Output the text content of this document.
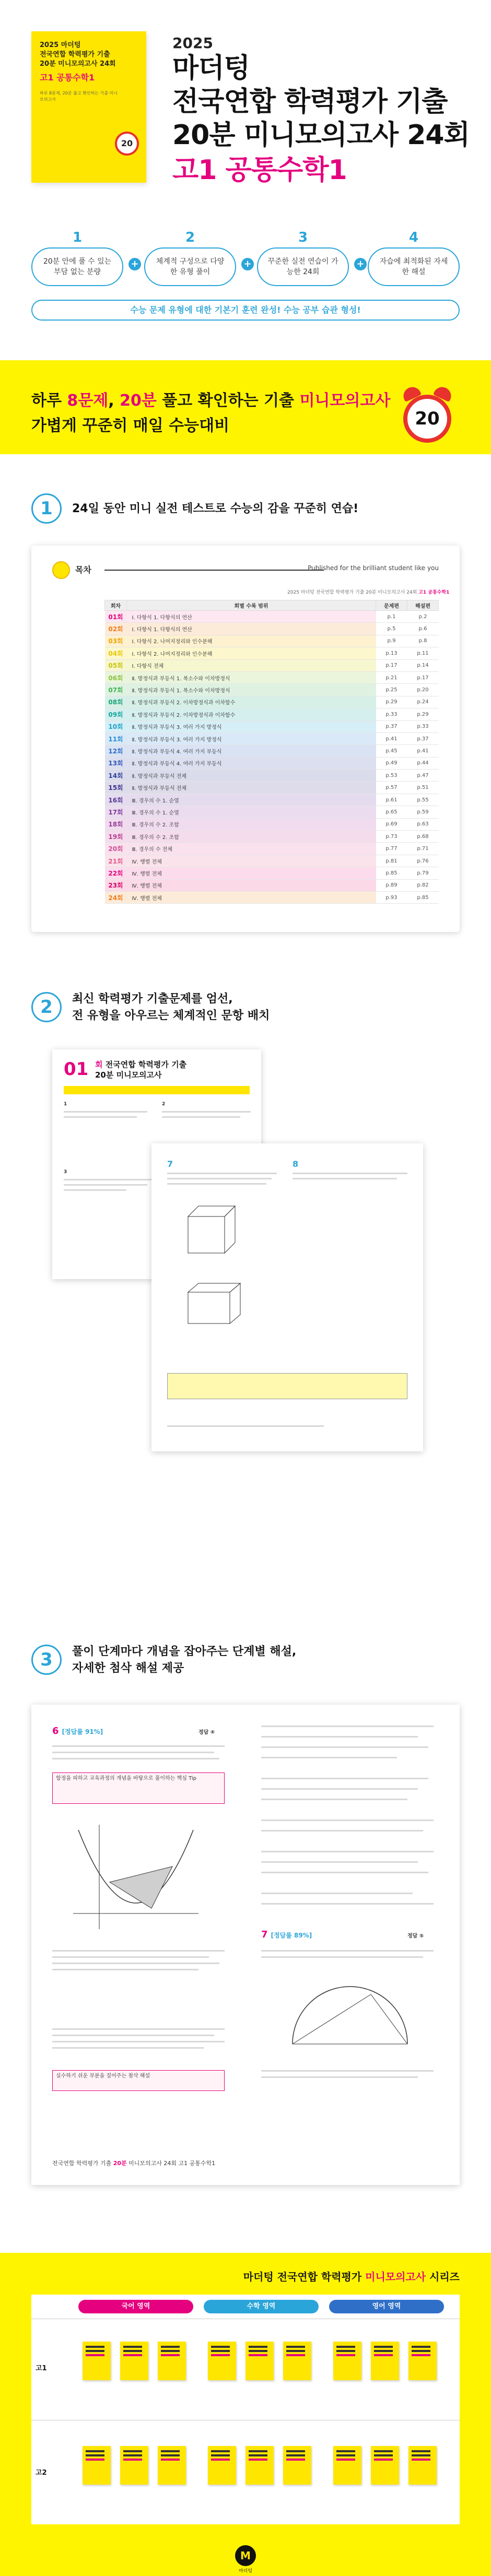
2025 마더텅
전국연합 학력평가 기출
20분 미니모의고사 24회
고1 공통수학1
하루 8문제, 20분 풀고 확인하는 기출 미니모의고사
20
2025
마더텅
전국연합 학력평가 기출
20분 미니모의고사 24회
고1 공통수학1
1
20분 안에 풀 수 있는 부담 없는 분량
+
2
체계적 구성으로 다양한 유형 풀이
+
3
꾸준한 실전 연습이 가능한 24회
+
4
자습에 최적화된 자세한 해설
수능 문제 유형에 대한 기본기 훈련 완성! 수능 공부 습관 형성!
하루 8문제, 20분 풀고 확인하는 기출 미니모의고사
가볍게 꾸준히 매일 수능대비	20
1	24일 동안 미니 실전 테스트로 수능의 감을 꾸준히 연습!
목차	Published for the brilliant student like you
2025 마더텅 전국연합 학력평가 기출 20분 미니모의고사 24회 고1 공통수학1
회차	회별 수록 범위	문제편	해설편
01회	Ⅰ. 다항식 1. 다항식의 연산	p.1	p.2
02회	Ⅰ. 다항식 1. 다항식의 연산	p.5	p.6
03회	Ⅰ. 다항식 2. 나머지정리와 인수분해	p.9	p.8
04회	Ⅰ. 다항식 2. 나머지정리와 인수분해	p.13	p.11
05회	Ⅰ. 다항식 전체	p.17	p.14
06회	Ⅱ. 방정식과 부등식 1. 복소수와 이차방정식	p.21	p.17
07회	Ⅱ. 방정식과 부등식 1. 복소수와 이차방정식	p.25	p.20
08회	Ⅱ. 방정식과 부등식 2. 이차방정식과 이차함수	p.29	p.24
09회	Ⅱ. 방정식과 부등식 2. 이차방정식과 이차함수	p.33	p.29
10회	Ⅱ. 방정식과 부등식 3. 여러 가지 방정식	p.37	p.33
11회	Ⅱ. 방정식과 부등식 3. 여러 가지 방정식	p.41	p.37
12회	Ⅱ. 방정식과 부등식 4. 여러 가지 부등식	p.45	p.41
13회	Ⅱ. 방정식과 부등식 4. 여러 가지 부등식	p.49	p.44
14회	Ⅱ. 방정식과 부등식 전체	p.53	p.47
15회	Ⅱ. 방정식과 부등식 전체	p.57	p.51
16회	Ⅲ. 경우의 수 1. 순열	p.61	p.55
17회	Ⅲ. 경우의 수 1. 순열	p.65	p.59
18회	Ⅲ. 경우의 수 2. 조합	p.69	p.63
19회	Ⅲ. 경우의 수 2. 조합	p.73	p.68
20회	Ⅲ. 경우의 수 전체	p.77	p.71
21회	Ⅳ. 행렬 전체	p.81	p.76
22회	Ⅳ. 행렬 전체	p.85	p.79
23회	Ⅳ. 행렬 전체	p.89	p.82
24회	Ⅳ. 행렬 전체	p.93	p.85
2	최신 학력평가 기출문제를 엄선,
전 유형을 아우르는 체계적인 문항 배치
01 회 전국연합 학력평가 기출
20분 미니모의고사
1	2
3
7	8
3	풀이 단계마다 개념을 잡아주는 단계별 해설,
자세한 첨삭 해설 제공
6 [정답률 91%]	정답 ④
함정을 피하고 교육과정의 개념을 바탕으로 풀이하는 핵심 Tip
실수하기 쉬운 부분을 짚어주는 첨삭 해설
7 [정답률 89%]	정답 ⑤
전국연합 학력평가 기출 20분 미니모의고사 24회 고1 공통수학1
마더텅 전국연합 학력평가 미니모의고사 시리즈
국어 영역	수학 영역	영어 영역
고1
고2
M
마더텅
